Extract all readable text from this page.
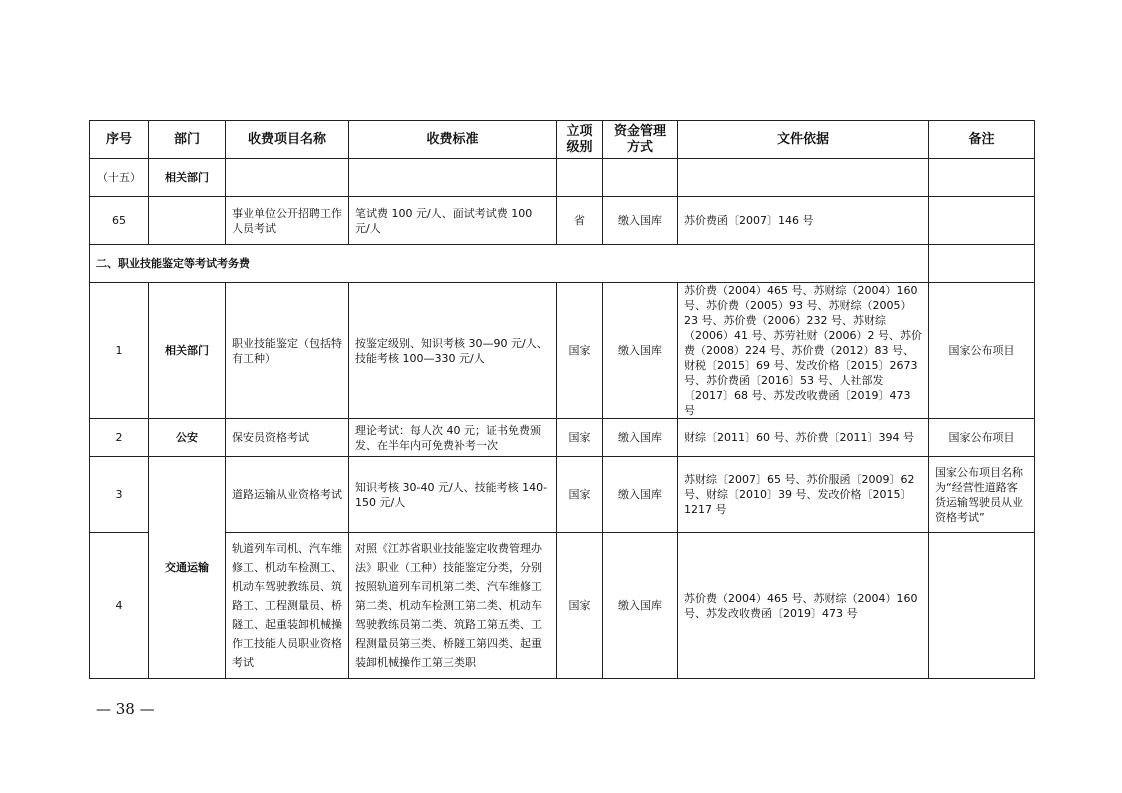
序号	部门	收费项目名称	收费标准	立项级别	资金管理方式	文件依据	备注
（十五）	相关部门						
65		事业单位公开招聘工作人员考试	笔试费 100 元/人、面试考试费 100 元/人	省	缴入国库	苏价费函〔2007〕146 号	
二、职业技能鉴定等考试考务费							
1	相关部门	职业技能鉴定（包括特有工种）	按鉴定级别、知识考核 30—90 元/人、技能考核 100—330 元/人	国家	缴入国库	苏价费（2004）465 号、苏财综（2004）160 号、苏价费（2005）93 号、苏财综（2005）23 号、苏价费（2006）232 号、苏财综（2006）41 号、苏劳社财（2006）2 号、苏价费（2008）224 号、苏价费（2012）83 号、财税〔2015〕69 号、发改价格〔2015〕2673 号、苏价费函〔2016〕53 号、人社部发〔2017〕68 号、苏发改收费函〔2019〕473 号	国家公布项目
2	公安	保安员资格考试	理论考试：每人次 40 元；证书免费颁发、在半年内可免费补考一次	国家	缴入国库	财综〔2011〕60 号、苏价费〔2011〕394 号	国家公布项目
3	交通运输	道路运输从业资格考试	知识考核 30-40 元/人、技能考核 140-150 元/人	国家	缴入国库	苏财综〔2007〕65 号、苏价服函〔2009〕62 号、财综〔2010〕39 号、发改价格〔2015〕1217 号	国家公布项目名称为“经营性道路客货运输驾驶员从业资格考试”
4		轨道列车司机、汽车维修工、机动车检测工、机动车驾驶教练员、筑路工、工程测量员、桥隧工、起重装卸机械操作工技能人员职业资格考试	对照《江苏省职业技能鉴定收费管理办法》职业（工种）技能鉴定分类，分别按照轨道列车司机第二类、汽车维修工第二类、机动车检测工第二类、机动车驾驶教练员第二类、筑路工第五类、工程测量员第三类、桥隧工第四类、起重装卸机械操作工第三类职	国家	缴入国库	苏价费（2004）465 号、苏财综（2004）160 号、苏发改收费函〔2019〕473 号	
— 38 —
